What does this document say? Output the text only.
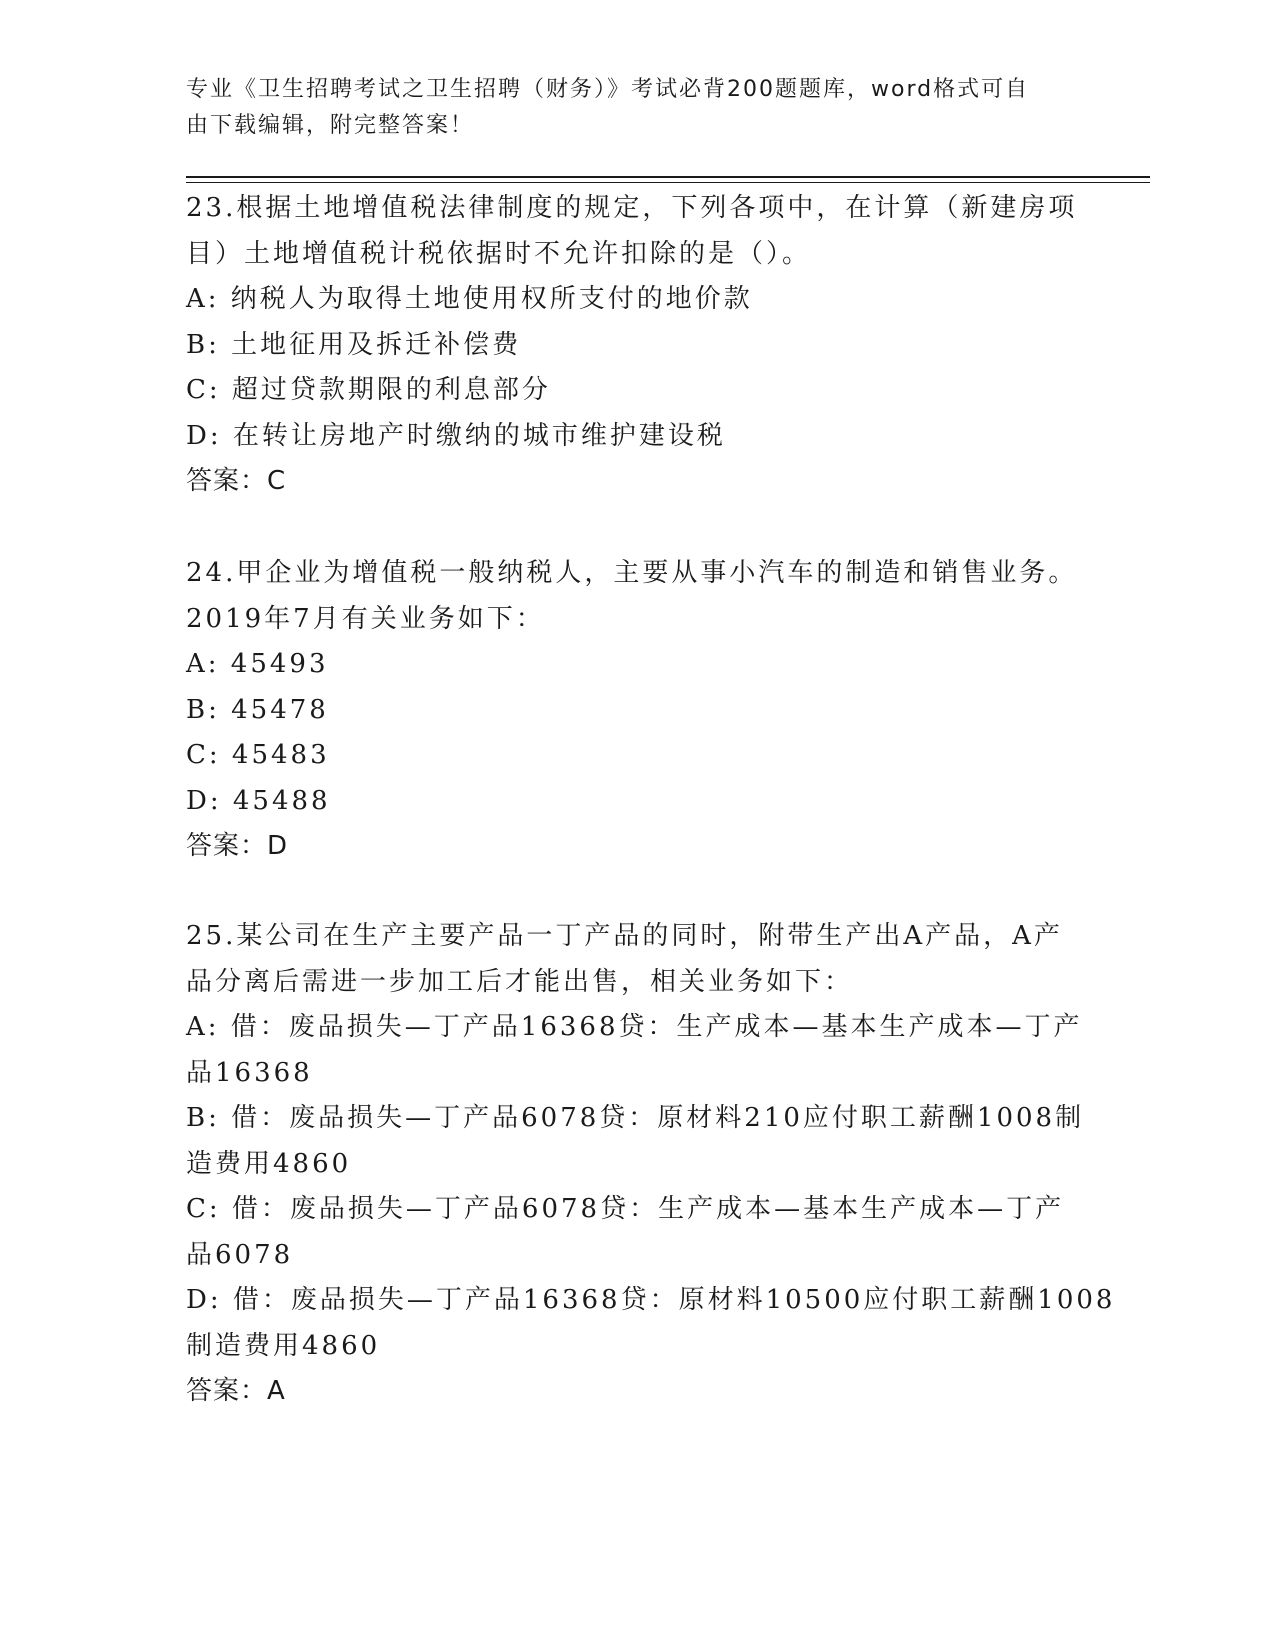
专业《卫生招聘考试之卫生招聘（财务）》考试必背200题题库，word格式可自
由下载编辑，附完整答案！
23.根据土地增值税法律制度的规定，下列各项中，在计算（新建房项
目）土地增值税计税依据时不允许扣除的是（）。
A: 纳税人为取得土地使用权所支付的地价款
B: 土地征用及拆迁补偿费
C: 超过贷款期限的利息部分
D: 在转让房地产时缴纳的城市维护建设税
答案：C
24.甲企业为增值税一般纳税人，主要从事小汽车的制造和销售业务。
2019年7月有关业务如下：
A: 45493
B: 45478
C: 45483
D: 45488
答案：D
25.某公司在生产主要产品一丁产品的同时，附带生产出A产品，A产
品分离后需进一步加工后才能出售，相关业务如下：
A: 借：废品损失—丁产品16368贷：生产成本—基本生产成本—丁产
品16368
B: 借：废品损失—丁产品6078贷：原材料210应付职工薪酬1008制
造费用4860
C: 借：废品损失—丁产品6078贷：生产成本—基本生产成本—丁产
品6078
D: 借：废品损失—丁产品16368贷：原材料10500应付职工薪酬1008
制造费用4860
答案：A
